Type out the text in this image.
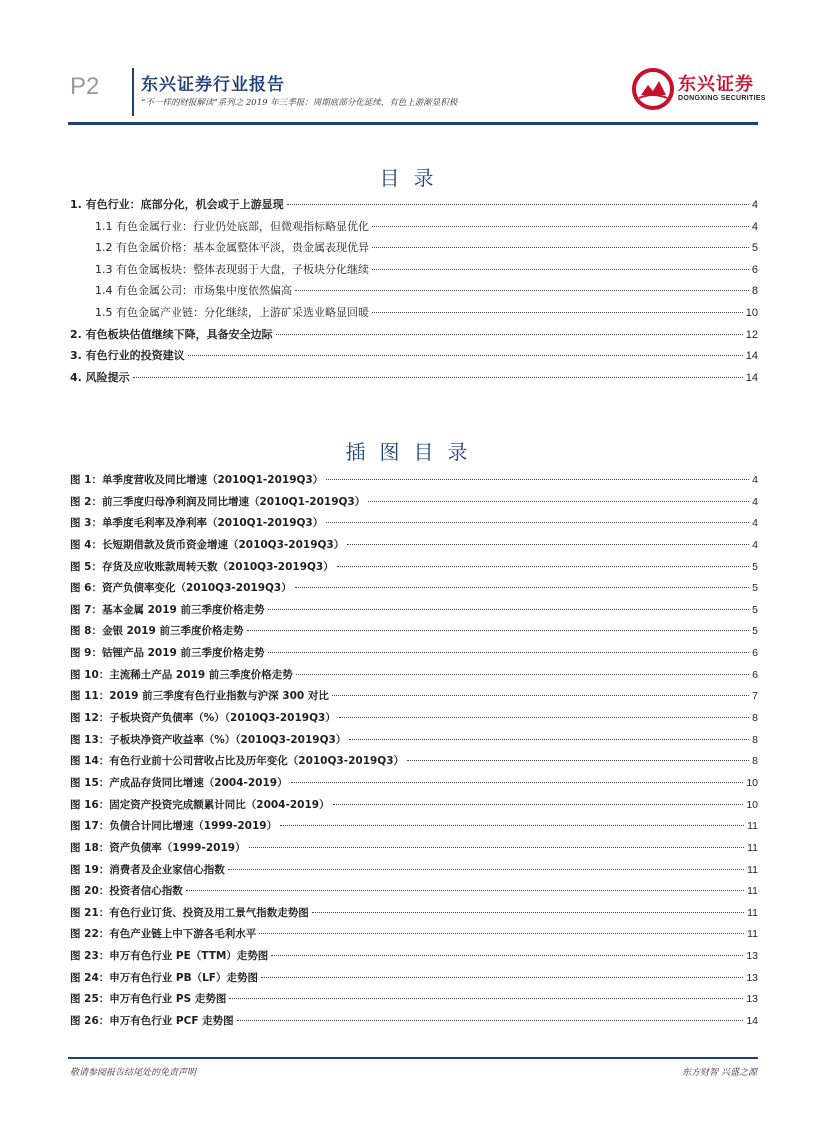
P2 东兴证券行业报告
“不一样的财报解读”系列之 2019 年三季报：周期底部分化延续，有色上游渐显积极
东兴证券
DONGXING SECURITIES
目录
1. 有色行业：底部分化，机会或于上游显现	4
1.1 有色金属行业：行业仍处底部，但微观指标略显优化	4
1.2 有色金属价格：基本金属整体平淡，贵金属表现优异	5
1.3 有色金属板块：整体表现弱于大盘，子板块分化继续	6
1.4 有色金属公司：市场集中度依然偏高	8
1.5 有色金属产业链：分化继续，上游矿采选业略显回暖	10
2. 有色板块估值继续下降，具备安全边际	12
3. 有色行业的投资建议	14
4. 风险提示	14
插图目录
图 1：单季度营收及同比增速（2010Q1-2019Q3）	4
图 2：前三季度归母净利润及同比增速（2010Q1-2019Q3）	4
图 3：单季度毛利率及净利率（2010Q1-2019Q3）	4
图 4：长短期借款及货币资金增速（2010Q3-2019Q3）	4
图 5：存货及应收账款周转天数（2010Q3-2019Q3）	5
图 6：资产负债率变化（2010Q3-2019Q3）	5
图 7：基本金属 2019 前三季度价格走势	5
图 8：金银 2019 前三季度价格走势	5
图 9：钴锂产品 2019 前三季度价格走势	6
图 10：主流稀土产品 2019 前三季度价格走势	6
图 11：2019 前三季度有色行业指数与沪深 300 对比	7
图 12：子板块资产负债率（%）（2010Q3-2019Q3）	8
图 13：子板块净资产收益率（%）（2010Q3-2019Q3）	8
图 14：有色行业前十公司营收占比及历年变化（2010Q3-2019Q3）	8
图 15：产成品存货同比增速（2004-2019）	10
图 16：固定资产投资完成额累计同比（2004-2019）	10
图 17：负债合计同比增速（1999-2019）	11
图 18：资产负债率（1999-2019）	11
图 19：消费者及企业家信心指数	11
图 20：投资者信心指数	11
图 21：有色行业订货、投资及用工景气指数走势图	11
图 22：有色产业链上中下游各毛利水平	11
图 23：申万有色行业 PE（TTM）走势图	13
图 24：申万有色行业 PB（LF）走势图	13
图 25：申万有色行业 PS 走势图	13
图 26：申万有色行业 PCF 走势图	14
敬请参阅报告结尾处的免责声明	东方财智 兴盛之源
